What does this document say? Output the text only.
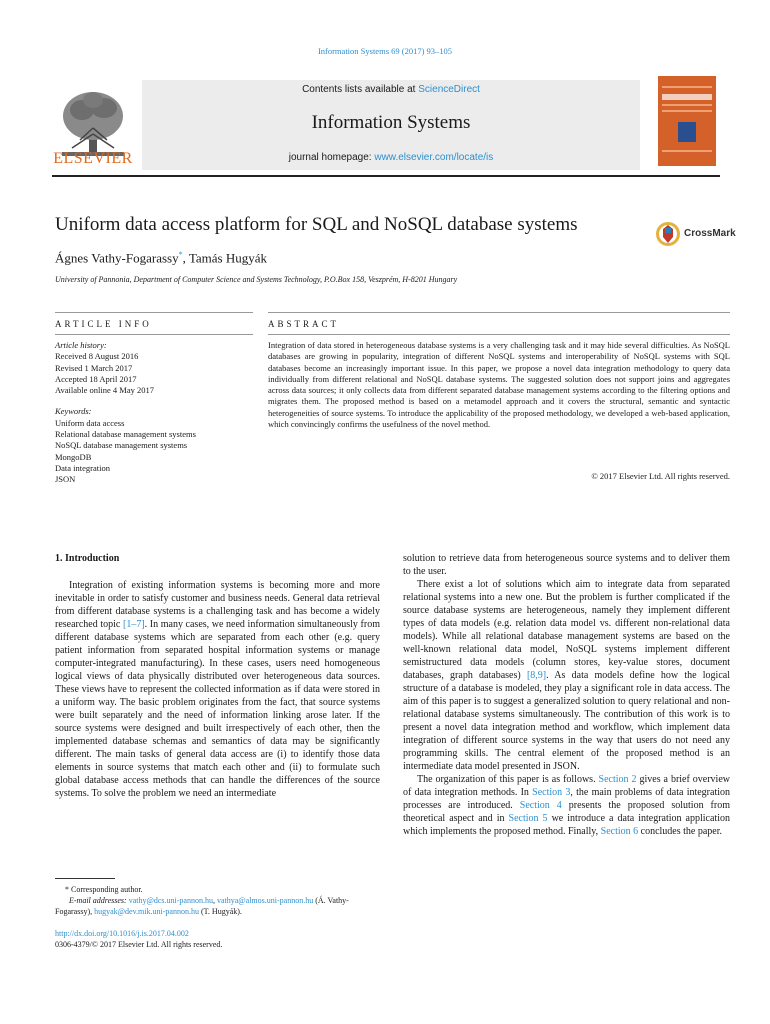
Information Systems 69 (2017) 93–105
ELSEVIER
Contents lists available at ScienceDirect
Information Systems
journal homepage: www.elsevier.com/locate/is
Uniform data access platform for SQL and NoSQL database systems	CrossMark
Ágnes Vathy-Fogarassy*, Tamás Hugyák
University of Pannonia, Department of Computer Science and Systems Technology, P.O.Box 158, Veszprém, H-8201 Hungary
ARTICLE INFO	ABSTRACT
Article history:
Received 8 August 2016
Revised 1 March 2017
Accepted 18 April 2017
Available online 4 May 2017
Keywords:
Uniform data access
Relational database management systems
NoSQL database management systems
MongoDB
Data integration
JSON
Integration of data stored in heterogeneous database systems is a very challenging task and it may hide several difficulties. As NoSQL databases are growing in popularity, integration of different NoSQL systems and interoperability of NoSQL systems with SQL databases become an increasingly important issue. In this paper, we propose a novel data integration methodology to query data individually from different relational and NoSQL database systems. The suggested solution does not support joins and aggregates across data sources; it only collects data from different separated database management systems according to the filtering options and migrates them. The proposed method is based on a metamodel approach and it covers the structural, semantic and syntactic heterogeneities of source systems. To introduce the applicability of the proposed methodology, we developed a web-based application, which convincingly confirms the usefulness of the novel method.
© 2017 Elsevier Ltd. All rights reserved.
1. Introduction

Integration of existing information systems is becoming more and more inevitable in order to satisfy customer and business needs. General data retrieval from different database systems is a challenging task and has become a widely researched topic [1–7]. In many cases, we need information simultaneously from different database systems which are separated from each other (e.g. query patient information from separated hospital information systems or manage computer-integrated manufacturing). In these cases, users need homogeneous logical views of data physically distributed over heterogeneous data sources. These views have to represent the collected information as if data were stored in a uniform way. The basic problem originates from the fact, that source systems were built separately and the need of information linking arose later. If the source systems were designed and built irrespectively of each other, then the implemented database schemas and semantics of data may be significantly different. The main tasks of general data access are (i) to identify those data elements in source systems that match each other and (ii) to formulate such global database access methods that can handle the differences of the source systems. To solve the problem we need an intermediate

solution to retrieve data from heterogeneous source systems and to deliver them to the user.

There exist a lot of solutions which aim to integrate data from separated relational systems into a new one. But the problem is further complicated if the source database systems are heterogeneous, namely they implement different types of data models (e.g. relation data model vs. different non-relational data models). While all relational database management systems are based on the well-known relational data model, NoSQL systems implement different semistructured data models (column stores, key-value stores, document databases, graph databases) [8,9]. As data models define how the logical structure of a database is modeled, they play a significant role in data access. The aim of this paper is to suggest a generalized solution to query relational and non-relational database systems simultaneously. The contribution of this work is to present a novel data integration method and workflow, which implement data integration of different source systems in the way that users do not need any programming skills. The central element of the proposed method is an intermediate data model presented in JSON.

The organization of this paper is as follows. Section 2 gives a brief overview of data integration methods. In Section 3, the main problems of data integration processes are introduced. Section 4 presents the proposed solution from theoretical aspect and in Section 5 we introduce a data integration application which implements the proposed method. Finally, Section 6 concludes the paper.

* Corresponding author.
E-mail addresses: vathy@dcs.uni-pannon.hu, vathya@almos.uni-pannon.hu (Á. Vathy-Fogarassy), hugyak@dev.mik.uni-pannon.hu (T. Hugyák).
http://dx.doi.org/10.1016/j.is.2017.04.002
0306-4379/© 2017 Elsevier Ltd. All rights reserved.
